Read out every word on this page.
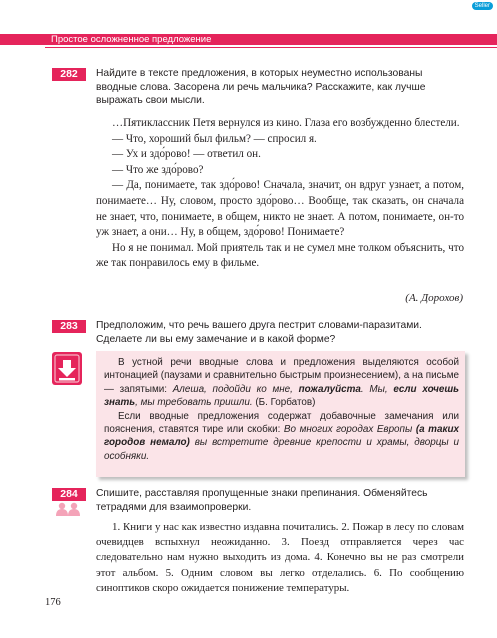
Seller
Простое осложненное предложение
282	Найдите в тексте предложения, в которых неуместно использованы вводные слова. Засорена ли речь мальчика? Расскажите, как лучше выражать свои мысли.

…Пятиклассник Петя вернулся из кино. Глаза его возбужденно блестели.

— Что, хороший был фильм? — спросил я.

— Ух и здо́рово! — ответил он.

— Что же здо́рово?

— Да, понимаете, так здо́рово! Сначала, значит, он вдруг узнает, а потом, понимаете… Ну, словом, просто здо́рово… Вообще, так сказать, он сначала не знает, что, понимаете, в общем, никто не знает. А потом, понимаете, он-то уж знает, а они… Ну, в общем, здо́рово! Понимаете?

Но я не понимал. Мой приятель так и не сумел мне толком объяснить, что же так понравилось ему в фильме.

(А. Дорохов)
283	Предположим, что речь вашего друга пестрит словами-паразитами. Сделаете ли вы ему замечание и в какой форме?

В устной речи вводные слова и предложения выделяются особой интонацией (паузами и сравнительно быстрым произнесением), а на письме — запятыми: Алеша, подойди ко мне, пожалуйста. Мы, если хочешь знать, мы требовать пришли. (Б. Горбатов)

Если вводные предложения содержат добавочные замечания или пояснения, ставятся тире или скобки: Во многих городах Европы (а таких городов немало) вы встретите древние крепости и храмы, дворцы и особняки.

284	Спишите, расставляя пропущенные знаки препинания. Обменяйтесь тетрадями для взаимопроверки.
1. Книги у нас как известно издавна почитались. 2. Пожар в лесу по словам очевидцев вспыхнул неожиданно. 3. Поезд отправляется через час следовательно нам нужно выходить из дома. 4. Конечно вы не раз смотрели этот альбом. 5. Одним словом вы легко отделались. 6. По сообщению синоптиков скоро ожидается понижение температуры.
176
